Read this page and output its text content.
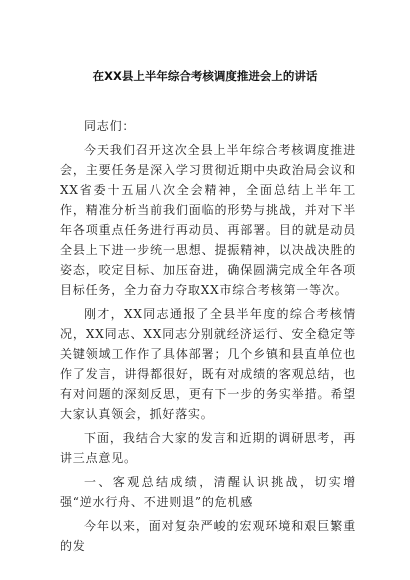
在XX县上半年综合考核调度推进会上的讲话
同志们：

今天我们召开这次全县上半年综合考核调度推进会，主要任务是深入学习贯彻近期中央政治局会议和XX省委十五届八次全会精神，全面总结上半年工作，精准分析当前我们面临的形势与挑战，并对下半年各项重点任务进行再动员、再部署。目的就是动员全县上下进一步统一思想、提振精神，以决战决胜的姿态，咬定目标、加压奋进，确保圆满完成全年各项目标任务，全力奋力夺取XX市综合考核第一等次。

刚才，XX同志通报了全县半年度的综合考核情况，XX同志、XX同志分别就经济运行、安全稳定等关键领域工作作了具体部署；几个乡镇和县直单位也作了发言，讲得都很好，既有对成绩的客观总结，也有对问题的深刻反思，更有下一步的务实举措。希望大家认真领会，抓好落实。

下面，我结合大家的发言和近期的调研思考，再讲三点意见。

一、客观总结成绩，清醒认识挑战，切实增强“逆水行舟、不进则退”的危机感

今年以来，面对复杂严峻的宏观环境和艰巨繁重的发
